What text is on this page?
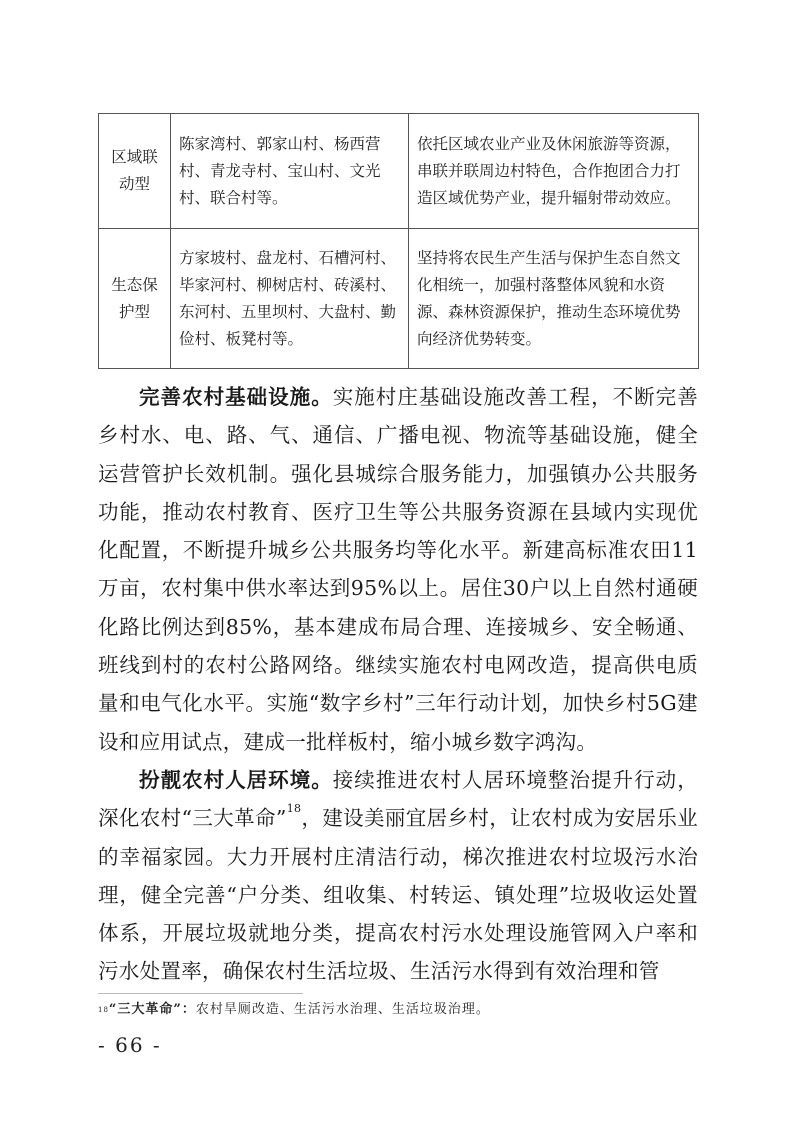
区域联动型	陈家湾村、郭家山村、杨西营村、青龙寺村、宝山村、文光村、联合村等。	依托区域农业产业及休闲旅游等资源，串联并联周边村特色，合作抱团合力打造区域优势产业，提升辐射带动效应。
生态保护型	方家坡村、盘龙村、石槽河村、毕家河村、柳树店村、砖溪村、东河村、五里坝村、大盘村、勤俭村、板凳村等。	坚持将农民生产生活与保护生态自然文化相统一，加强村落整体风貌和水资源、森林资源保护，推动生态环境优势向经济优势转变。

完善农村基础设施。实施村庄基础设施改善工程，不断完善乡村水、电、路、气、通信、广播电视、物流等基础设施，健全运营管护长效机制。强化县城综合服务能力，加强镇办公共服务功能，推动农村教育、医疗卫生等公共服务资源在县域内实现优化配置，不断提升城乡公共服务均等化水平。新建高标准农田11万亩，农村集中供水率达到95%以上。居住30户以上自然村通硬化路比例达到85%，基本建成布局合理、连接城乡、安全畅通、班线到村的农村公路网络。继续实施农村电网改造，提高供电质量和电气化水平。实施“数字乡村”三年行动计划，加快乡村5G建设和应用试点，建成一批样板村，缩小城乡数字鸿沟。

扮靓农村人居环境。接续推进农村人居环境整治提升行动，深化农村“三大革命”$^{18}$，建设美丽宜居乡村，让农村成为安居乐业的幸福家园。大力开展村庄清洁行动，梯次推进农村垃圾污水治理，健全完善“户分类、组收集、村转运、镇处理”垃圾收运处置体系，开展垃圾就地分类，提高农村污水处理设施管网入户率和污水处置率，确保农村生活垃圾、生活污水得到有效治理和管

$^{18}$“三大革命”：农村旱厕改造、生活污水治理、生活垃圾治理。
- 66 -
